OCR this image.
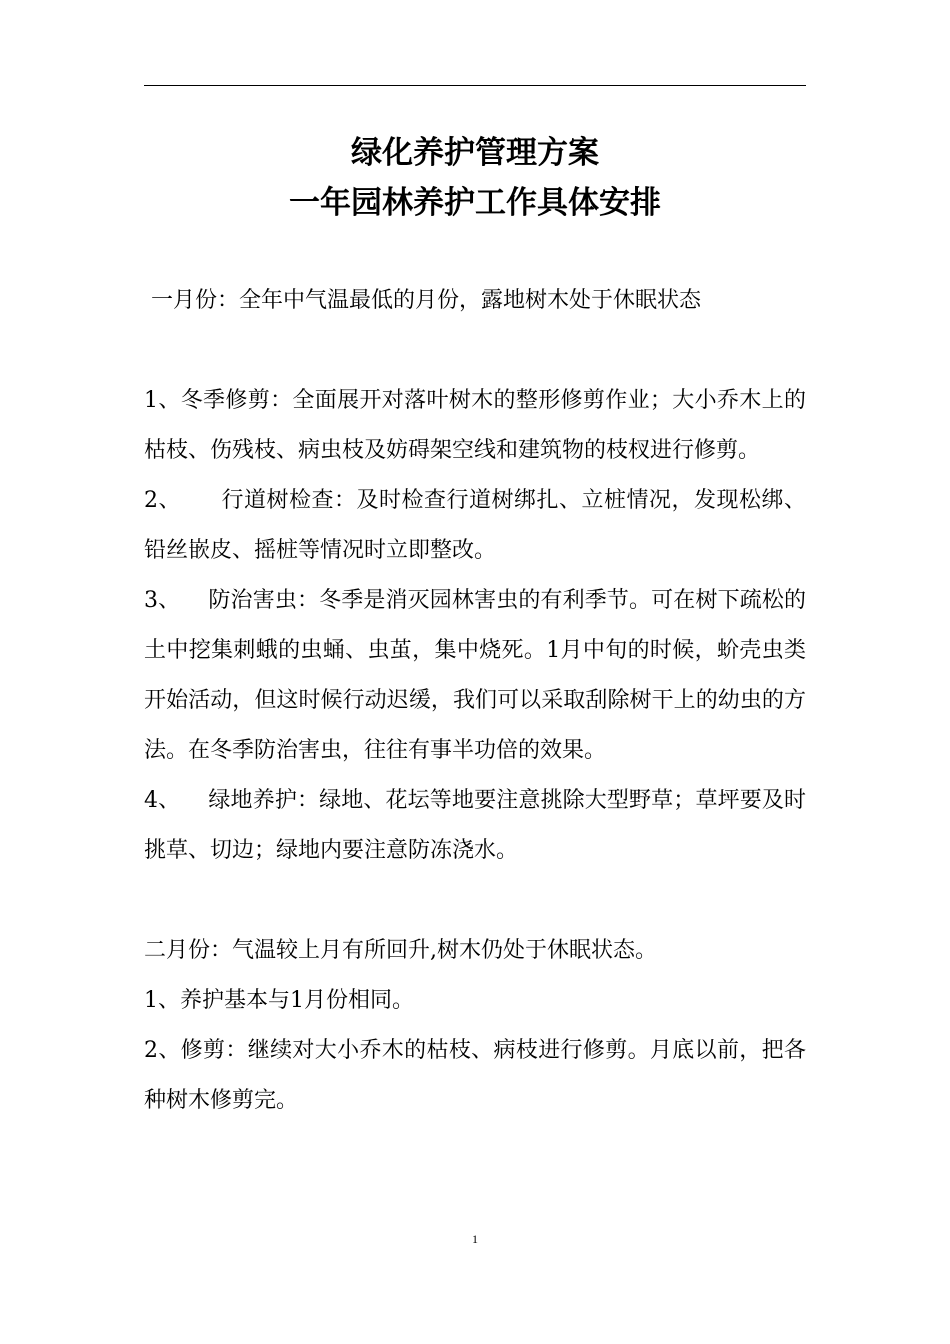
绿化养护管理方案

一年园林养护工作具体安排

一月份：全年中气温最低的月份，露地树木处于休眠状态

1、冬季修剪：全面展开对落叶树木的整形修剪作业；大小乔木上的枯枝、伤残枝、病虫枝及妨碍架空线和建筑物的枝杈进行修剪。

2、 行道树检查：及时检查行道树绑扎、立桩情况，发现松绑、铅丝嵌皮、摇桩等情况时立即整改。

3、 防治害虫：冬季是消灭园林害虫的有利季节。可在树下疏松的土中挖集刺蛾的虫蛹、虫茧，集中烧死。1月中旬的时候，蚧壳虫类开始活动，但这时候行动迟缓，我们可以采取刮除树干上的幼虫的方法。在冬季防治害虫，往往有事半功倍的效果。

4、 绿地养护：绿地、花坛等地要注意挑除大型野草；草坪要及时挑草、切边；绿地内要注意防冻浇水。

二月份：气温较上月有所回升,树木仍处于休眠状态。

1、养护基本与1月份相同。

2、修剪：继续对大小乔木的枯枝、病枝进行修剪。月底以前，把各种树木修剪完。

1
